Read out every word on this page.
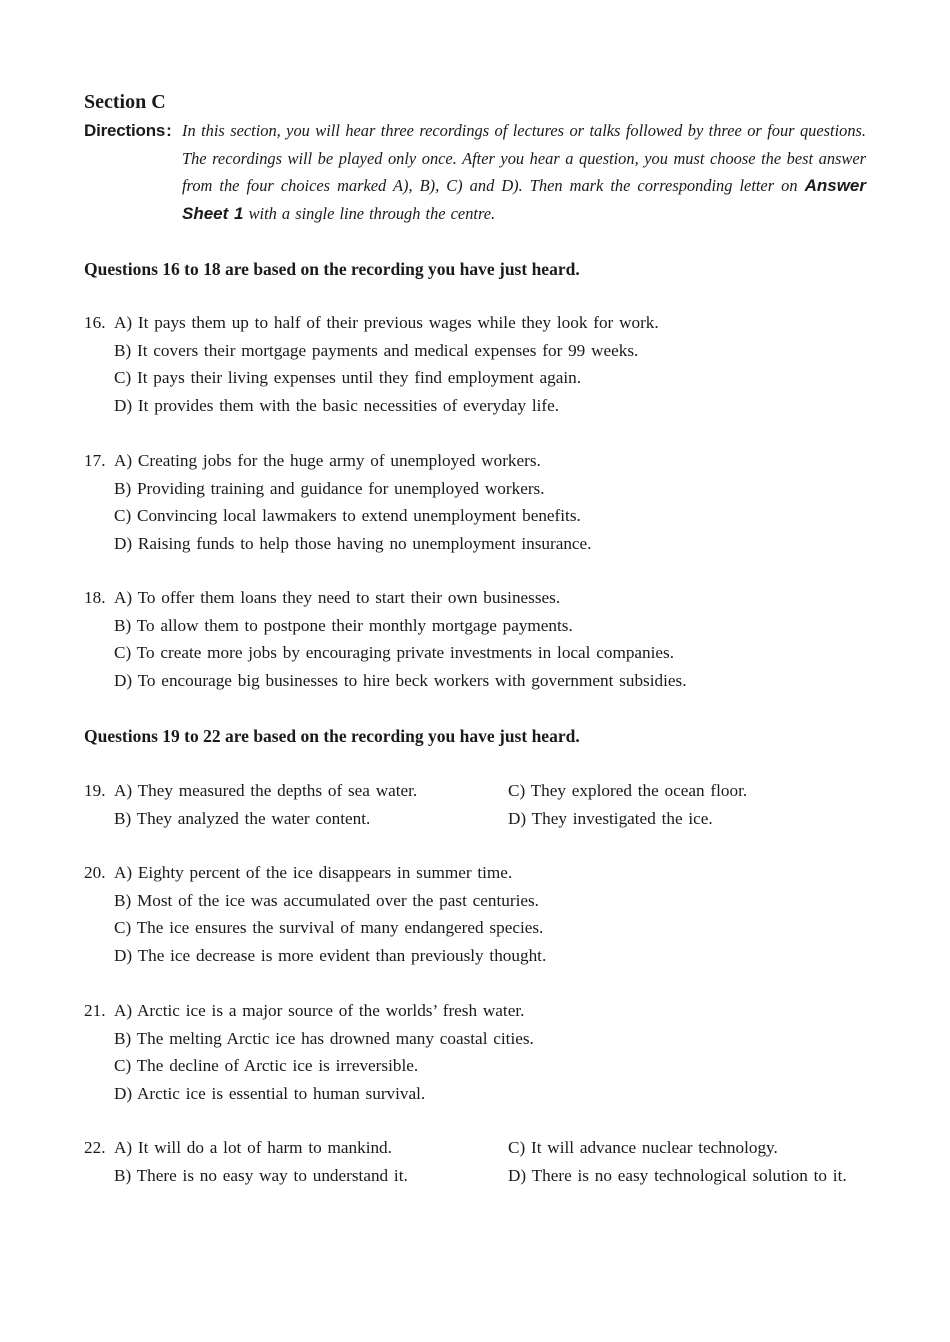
Section C
Directions: In this section, you will hear three recordings of lectures or talks followed by three or four questions. The recordings will be played only once. After you hear a question, you must choose the best answer from the four choices marked A), B), C) and D). Then mark the corresponding letter on Answer Sheet 1 with a single line through the centre.
Questions 16 to 18 are based on the recording you have just heard.
16. A) It pays them up to half of their previous wages while they look for work.
B) It covers their mortgage payments and medical expenses for 99 weeks.
C) It pays their living expenses until they find employment again.
D) It provides them with the basic necessities of everyday life.
17. A) Creating jobs for the huge army of unemployed workers.
B) Providing training and guidance for unemployed workers.
C) Convincing local lawmakers to extend unemployment benefits.
D) Raising funds to help those having no unemployment insurance.
18. A) To offer them loans they need to start their own businesses.
B) To allow them to postpone their monthly mortgage payments.
C) To create more jobs by encouraging private investments in local companies.
D) To encourage big businesses to hire beck workers with government subsidies.
Questions 19 to 22 are based on the recording you have just heard.
19. A) They measured the depths of sea water.	C) They explored the ocean floor.
B) They analyzed the water content.	D) They investigated the ice.
20. A) Eighty percent of the ice disappears in summer time.
B) Most of the ice was accumulated over the past centuries.
C) The ice ensures the survival of many endangered species.
D) The ice decrease is more evident than previously thought.
21. A) Arctic ice is a major source of the worlds’ fresh water.
B) The melting Arctic ice has drowned many coastal cities.
C) The decline of Arctic ice is irreversible.
D) Arctic ice is essential to human survival.
22. A) It will do a lot of harm to mankind.	C) It will advance nuclear technology.
B) There is no easy way to understand it.	D) There is no easy technological solution to it.
